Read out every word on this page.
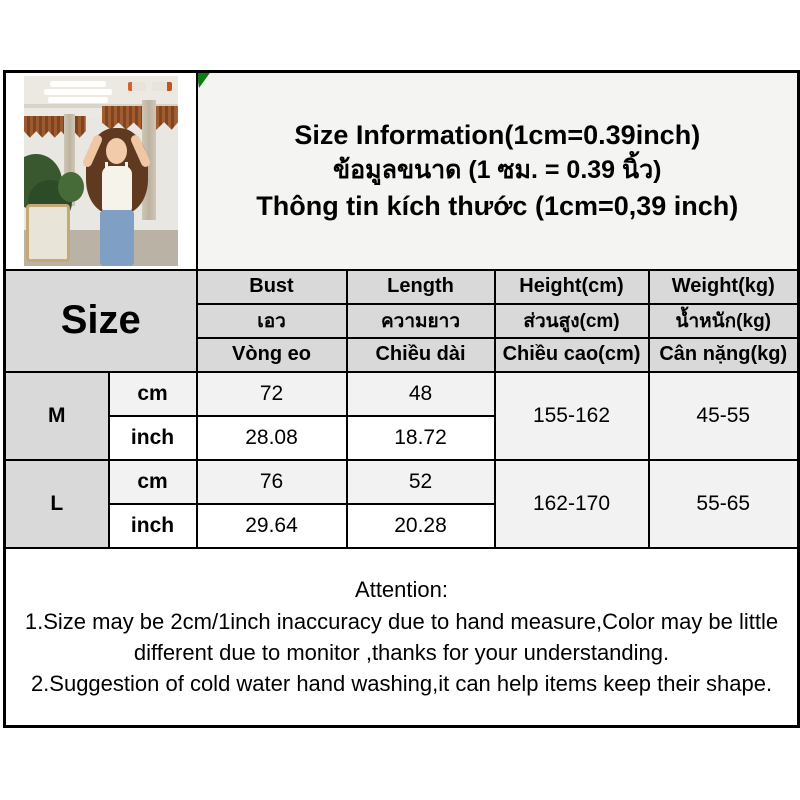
		Size Information(1cm=0.39inch)
ข้อมูลขนาด (1 ซม. = 0.39 นิ้ว)
Thông tin kích thước (1cm=0,39 inch)			

Size		Bust	Length	Height(cm)	Weight(kg)
		เอว	ความยาว	ส่วนสูง(cm)	น้ำหนัก(kg)
		Vòng eo	Chiều dài	Chiều cao(cm)	Cân nặng(kg)
M	cm	72	48	155-162	45-55
	inch	28.08	18.72		
L	cm	76	52	162-170	55-65
	inch	29.64	20.28		

Attention:
1.Size may be 2cm/1inch inaccuracy due to hand measure,Color may be little different due to monitor ,thanks for your understanding.
2.Suggestion of cold water hand washing,it can help items keep their shape.					
